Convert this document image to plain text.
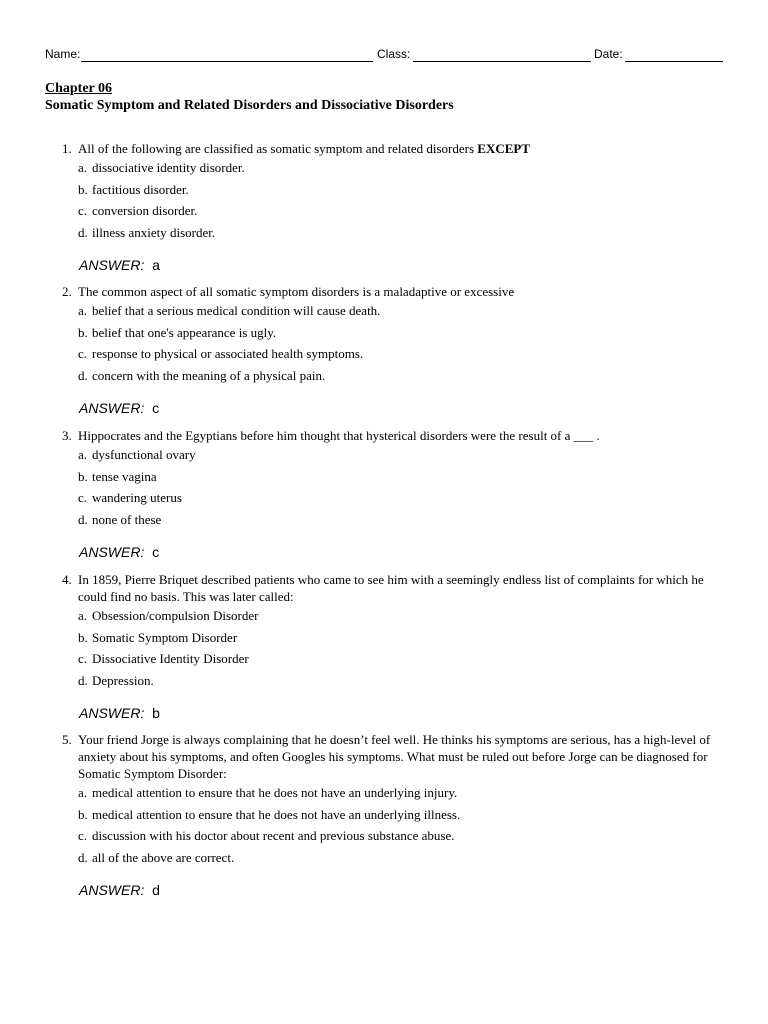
Name:	Class:	Date:
Chapter 06
Somatic Symptom and Related Disorders and Dissociative Disorders
1. All of the following are classified as somatic symptom and related disorders EXCEPT
a. dissociative identity disorder.
b. factitious disorder.
c. conversion disorder.
d. illness anxiety disorder.
ANSWER: a
2. The common aspect of all somatic symptom disorders is a maladaptive or excessive
a. belief that a serious medical condition will cause death.
b. belief that one's appearance is ugly.
c. response to physical or associated health symptoms.
d. concern with the meaning of a physical pain.
ANSWER: c
3. Hippocrates and the Egyptians before him thought that hysterical disorders were the result of a ___ .
a. dysfunctional ovary
b. tense vagina
c. wandering uterus
d. none of these
ANSWER: c
4. In 1859, Pierre Briquet described patients who came to see him with a seemingly endless list of complaints for which he could find no basis. This was later called:
a. Obsession/compulsion Disorder
b. Somatic Symptom Disorder
c. Dissociative Identity Disorder
d. Depression.
ANSWER: b
5. Your friend Jorge is always complaining that he doesn’t feel well. He thinks his symptoms are serious, has a high-level of anxiety about his symptoms, and often Googles his symptoms. What must be ruled out before Jorge can be diagnosed for Somatic Symptom Disorder:
a. medical attention to ensure that he does not have an underlying injury.
b. medical attention to ensure that he does not have an underlying illness.
c. discussion with his doctor about recent and previous substance abuse.
d. all of the above are correct.
ANSWER: d
